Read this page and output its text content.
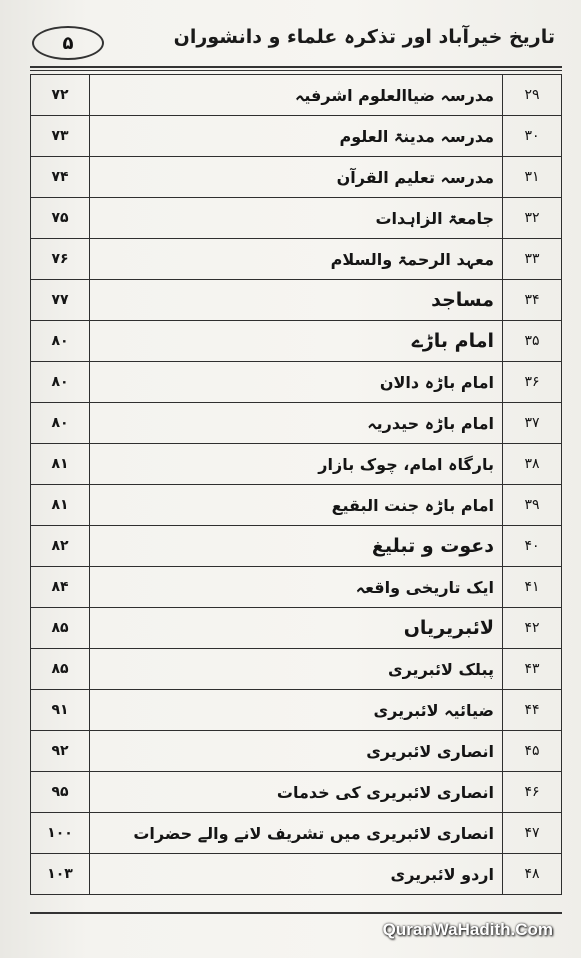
۵	تاریخ خیرآباد اور تذکرہ علماء و دانشوران
۷۲	مدرسہ ضیاالعلوم اشرفیہ	۲۹
۷۳	مدرسہ مدینۃ العلوم	۳۰
۷۴	مدرسہ تعلیم القرآن	۳۱
۷۵	جامعۃ الزاہدات	۳۲
۷۶	معہد الرحمۃ والسلام	۳۳
۷۷	مساجد	۳۴
۸۰	امام باڑے	۳۵
۸۰	امام باڑہ دالان	۳۶
۸۰	امام باڑہ حیدریہ	۳۷
۸۱	بارگاہ امام، چوک بازار	۳۸
۸۱	امام باڑہ جنت البقیع	۳۹
۸۲	دعوت و تبلیغ	۴۰
۸۴	ایک تاریخی واقعہ	۴۱
۸۵	لائبریریاں	۴۲
۸۵	پبلک لائبریری	۴۳
۹۱	ضیائیہ لائبریری	۴۴
۹۲	انصاری لائبریری	۴۵
۹۵	انصاری لائبریری کی خدمات	۴۶
۱۰۰	انصاری لائبریری میں تشریف لانے والے حضرات	۴۷
۱۰۳	اردو لائبریری	۴۸
QuranWaHadith.Com
